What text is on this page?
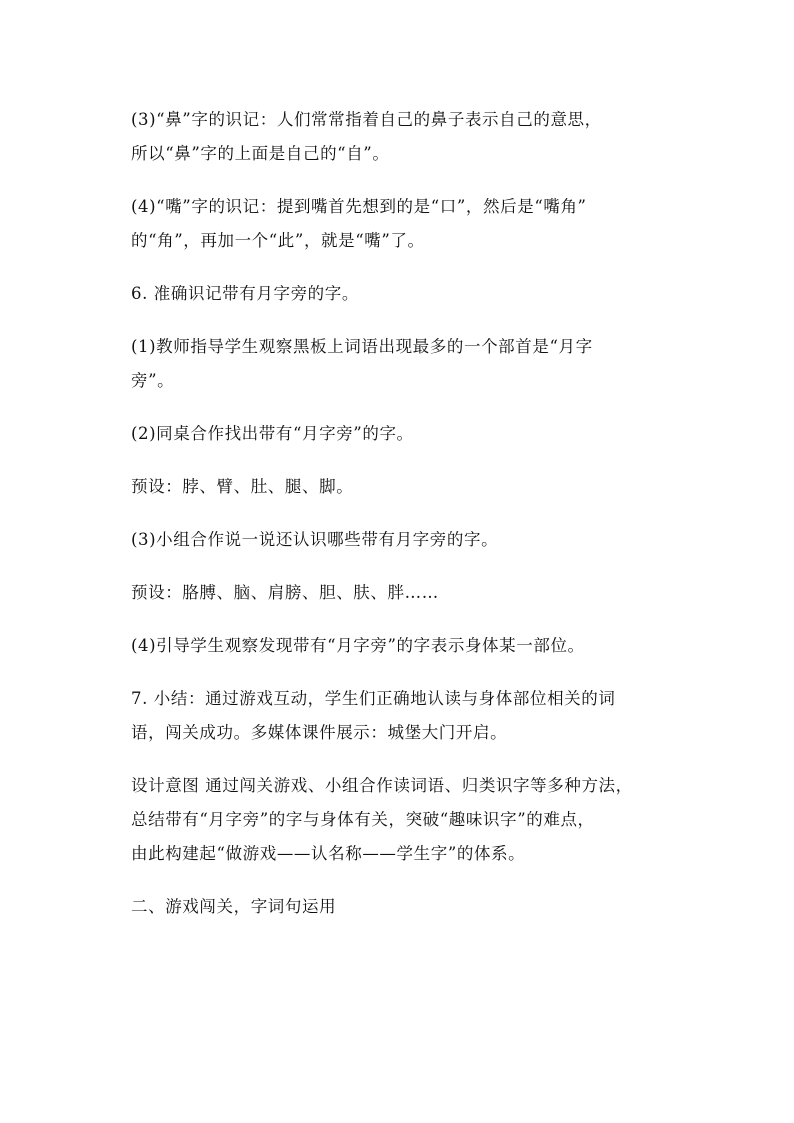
(3)“鼻”字的识记：人们常常指着自己的鼻子表示自己的意思，
所以“鼻”字的上面是自己的“自”。

(4)“嘴”字的识记：提到嘴首先想到的是“口”，然后是“嘴角”
的“角”，再加一个“此”，就是“嘴”了。

6. 准确识记带有月字旁的字。

(1)教师指导学生观察黑板上词语出现最多的一个部首是“月字
旁”。

(2)同桌合作找出带有“月字旁”的字。

预设：脖、臂、肚、腿、脚。

(3)小组合作说一说还认识哪些带有月字旁的字。

预设：胳膊、脑、肩膀、胆、肤、胖……

(4)引导学生观察发现带有“月字旁”的字表示身体某一部位。

7. 小结：通过游戏互动，学生们正确地认读与身体部位相关的词
语，闯关成功。多媒体课件展示：城堡大门开启。

设计意图 通过闯关游戏、小组合作读词语、归类识字等多种方法，
总结带有“月字旁”的字与身体有关，突破“趣味识字”的难点，
由此构建起“做游戏——认名称——学生字”的体系。

二、游戏闯关，字词句运用
